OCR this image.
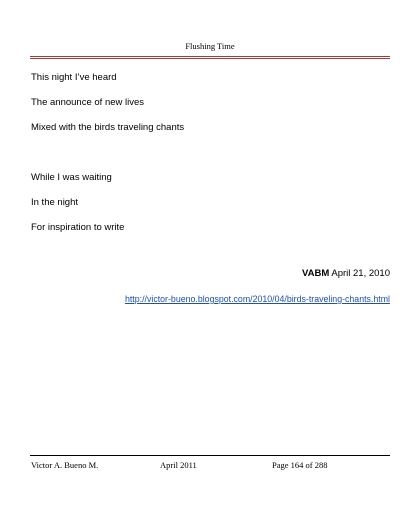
Flushing Time
This night I’ve heard
The announce of new lives
Mixed with the birds traveling chants
While I was waiting
In the night
For inspiration to write
VABM April 21, 2010
http://victor-bueno.blogspot.com/2010/04/birds-traveling-chants.html
Victor A. Bueno M.	April 2011	Page 164 of 288
